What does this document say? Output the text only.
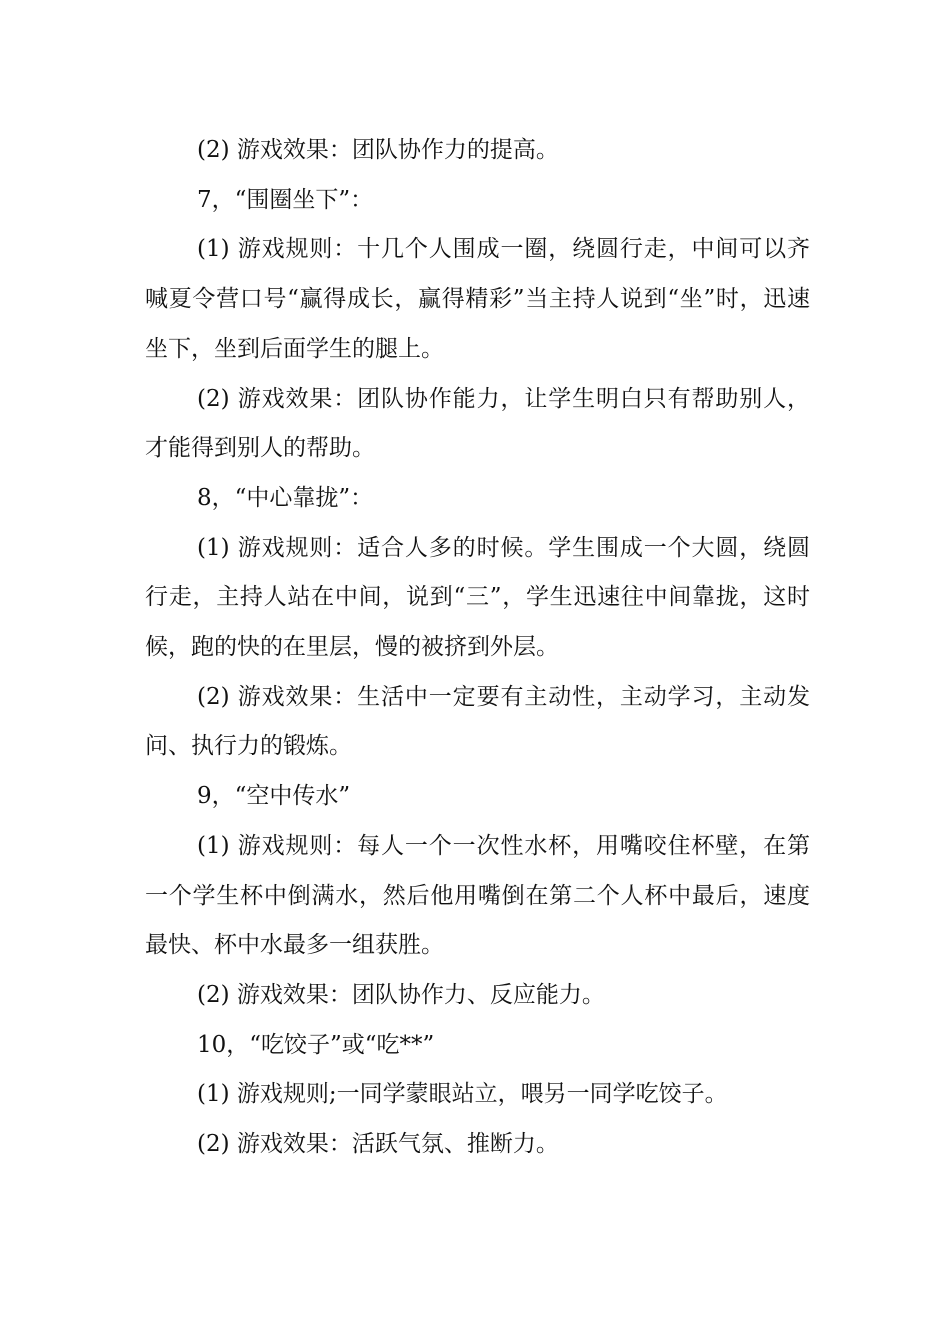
(2) 游戏效果：团队协作力的提高。

7，“围圈坐下”：

(1) 游戏规则：十几个人围成一圈，绕圆行走，中间可以齐喊夏令营口号“赢得成长，赢得精彩”当主持人说到“坐”时，迅速坐下，坐到后面学生的腿上。

(2) 游戏效果：团队协作能力，让学生明白只有帮助别人，才能得到别人的帮助。

8，“中心靠拢”：

(1) 游戏规则：适合人多的时候。学生围成一个大圆，绕圆行走，主持人站在中间，说到“三”，学生迅速往中间靠拢，这时候，跑的快的在里层，慢的被挤到外层。

(2) 游戏效果：生活中一定要有主动性，主动学习，主动发问、执行力的锻炼。

9，“空中传水”

(1) 游戏规则：每人一个一次性水杯，用嘴咬住杯壁，在第一个学生杯中倒满水，然后他用嘴倒在第二个人杯中最后，速度最快、杯中水最多一组获胜。

(2) 游戏效果：团队协作力、反应能力。

10，“吃饺子”或“吃**”

(1) 游戏规则;一同学蒙眼站立，喂另一同学吃饺子。

(2) 游戏效果：活跃气氛、推断力。
